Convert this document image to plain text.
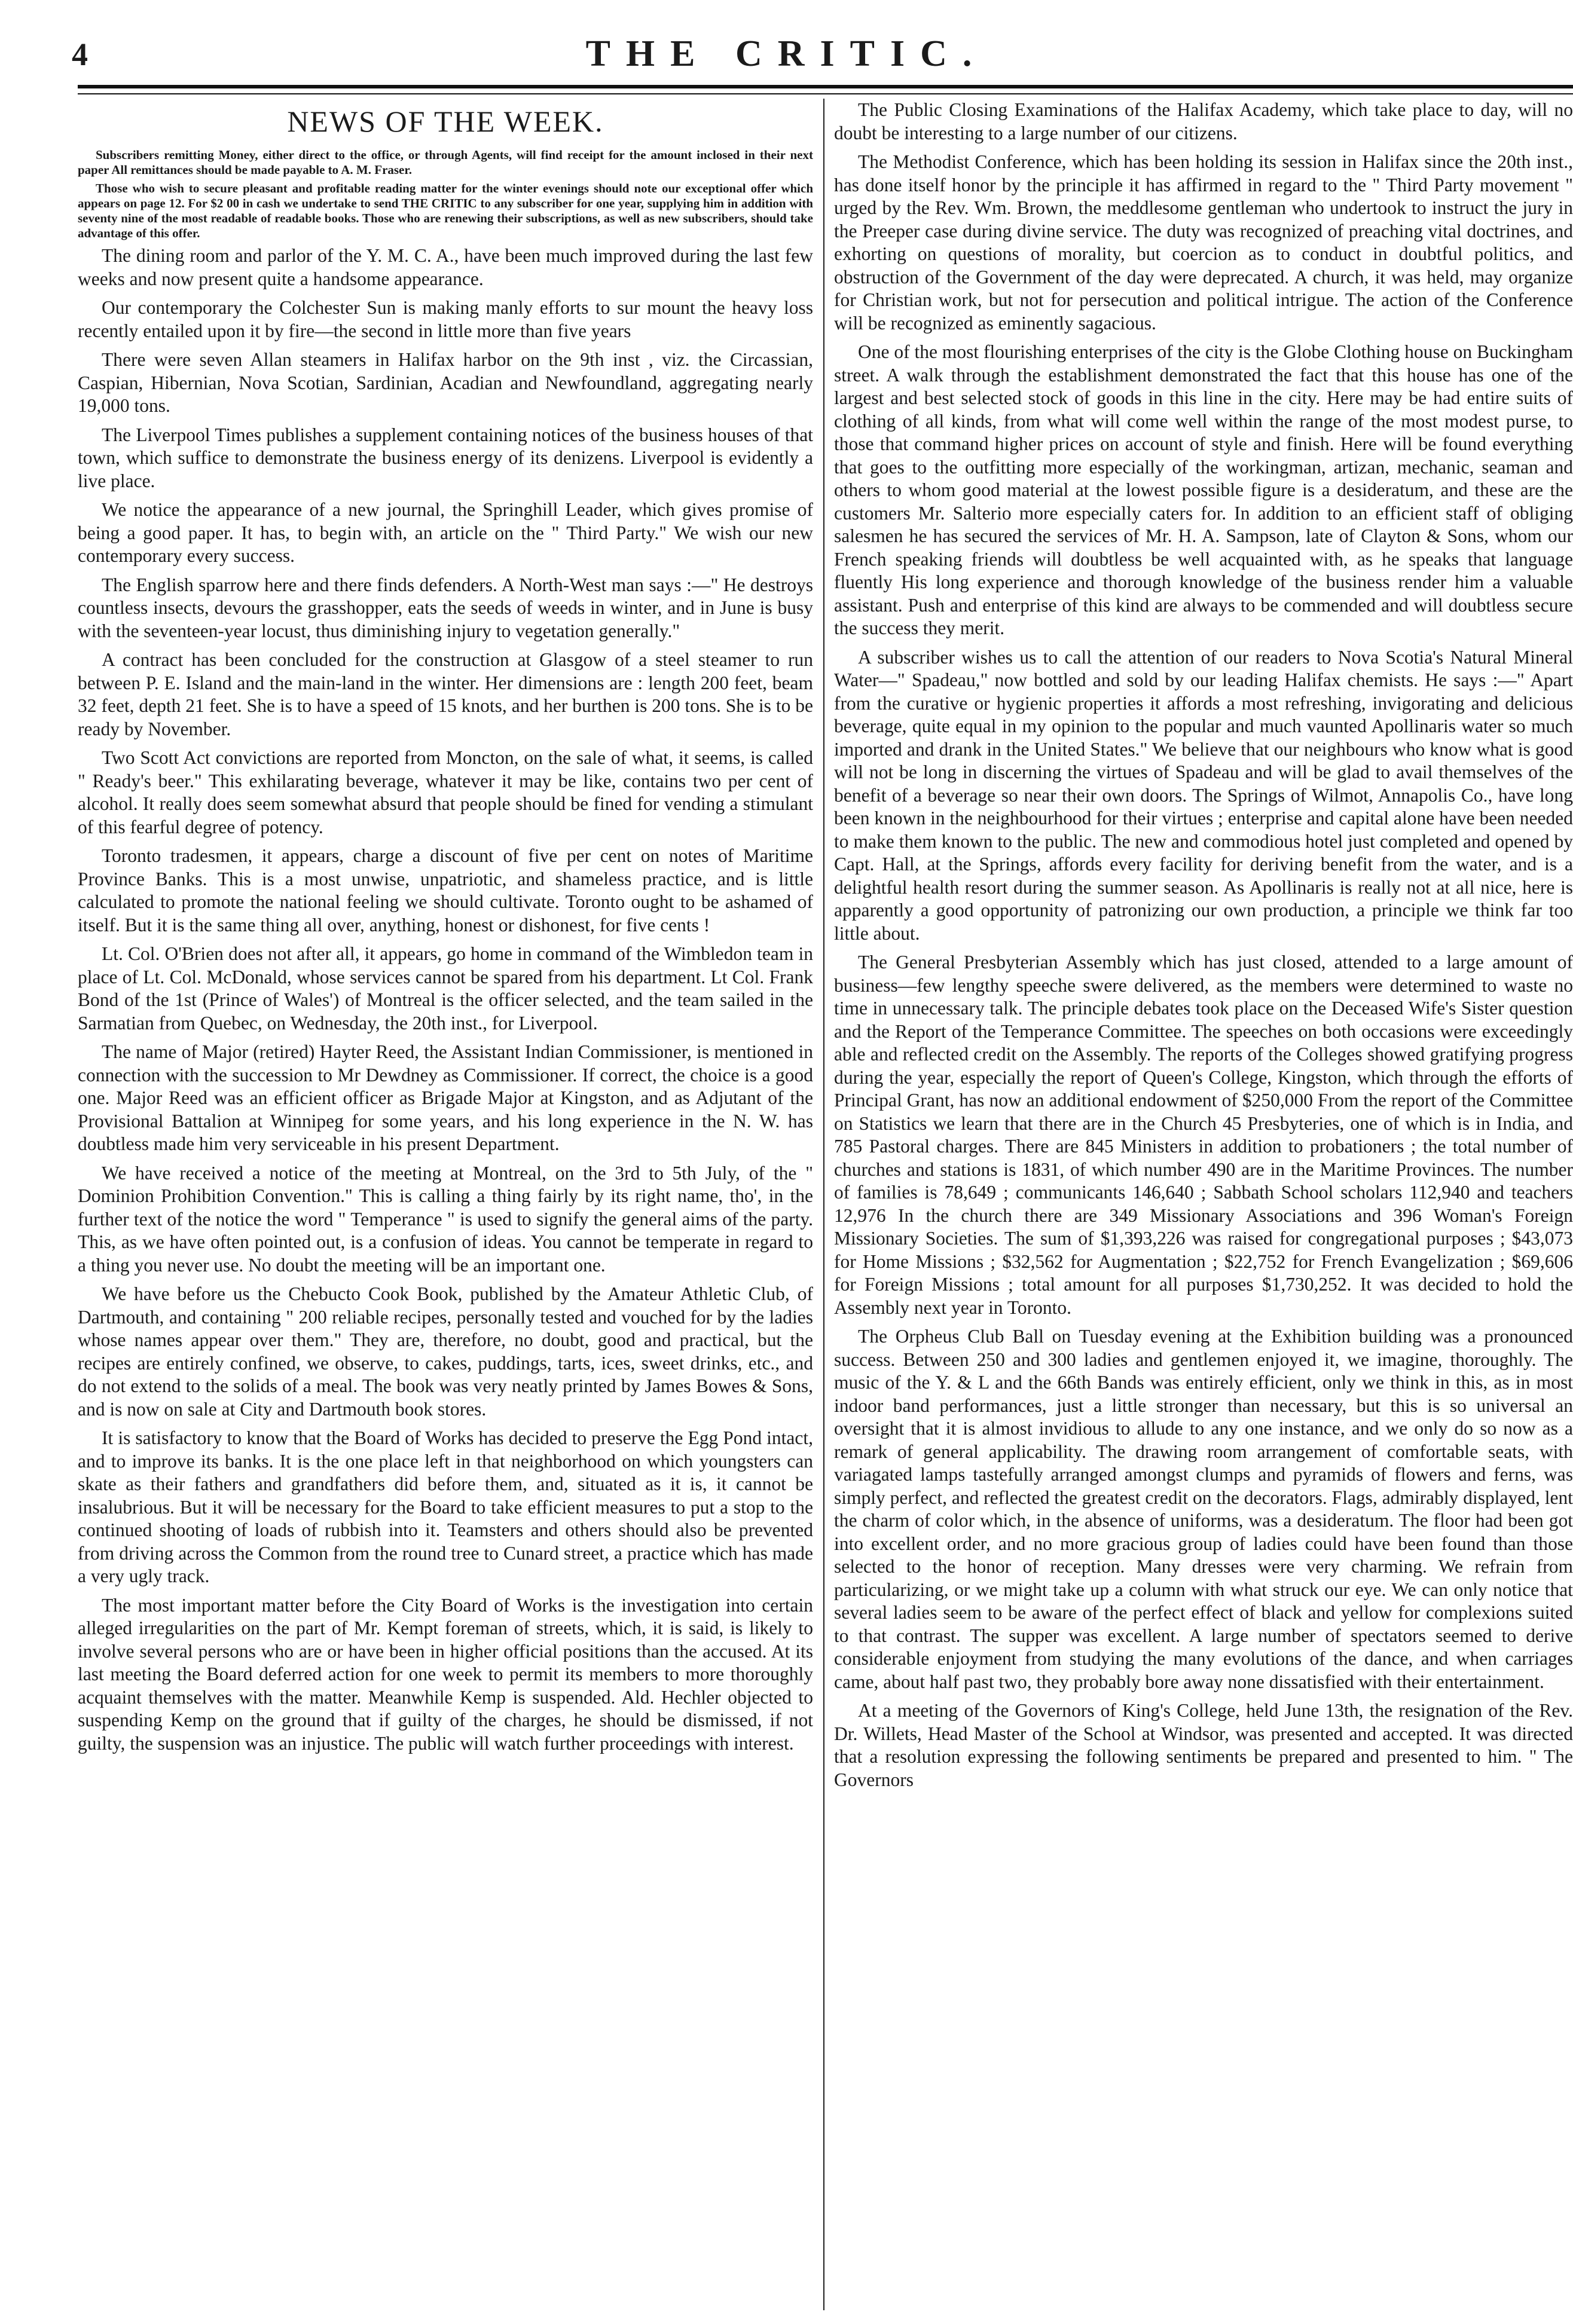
4	THE CRITIC.
NEWS OF THE WEEK.

Subscribers remitting Money, either direct to the office, or through Agents, will find receipt for the amount inclosed in their next paper All remittances should be made payable to A. M. Fraser.

Those who wish to secure pleasant and profitable reading matter for the winter evenings should note our exceptional offer which appears on page 12. For $2 00 in cash we undertake to send THE CRITIC to any subscriber for one year, supplying him in addition with seventy nine of the most readable of readable books. Those who are renewing their subscriptions, as well as new subscribers, should take advantage of this offer.

The dining room and parlor of the Y. M. C. A., have been much improved during the last few weeks and now present quite a handsome appearance.

Our contemporary the Colchester Sun is making manly efforts to sur mount the heavy loss recently entailed upon it by fire—the second in little more than five years

There were seven Allan steamers in Halifax harbor on the 9th inst , viz. the Circassian, Caspian, Hibernian, Nova Scotian, Sardinian, Acadian and Newfoundland, aggregating nearly 19,000 tons.

The Liverpool Times publishes a supplement containing notices of the business houses of that town, which suffice to demonstrate the business energy of its denizens. Liverpool is evidently a live place.

We notice the appearance of a new journal, the Springhill Leader, which gives promise of being a good paper. It has, to begin with, an article on the " Third Party." We wish our new contemporary every success.

The English sparrow here and there finds defenders. A North-West man says :—" He destroys countless insects, devours the grasshopper, eats the seeds of weeds in winter, and in June is busy with the seventeen-year locust, thus diminishing injury to vegetation generally."

A contract has been concluded for the construction at Glasgow of a steel steamer to run between P. E. Island and the main-land in the winter. Her dimensions are : length 200 feet, beam 32 feet, depth 21 feet. She is to have a speed of 15 knots, and her burthen is 200 tons. She is to be ready by November.

Two Scott Act convictions are reported from Moncton, on the sale of what, it seems, is called " Ready's beer." This exhilarating beverage, whatever it may be like, contains two per cent of alcohol. It really does seem somewhat absurd that people should be fined for vending a stimulant of this fearful degree of potency.

Toronto tradesmen, it appears, charge a discount of five per cent on notes of Maritime Province Banks. This is a most unwise, unpatriotic, and shameless practice, and is little calculated to promote the national feeling we should cultivate. Toronto ought to be ashamed of itself. But it is the same thing all over, anything, honest or dishonest, for five cents !

Lt. Col. O'Brien does not after all, it appears, go home in command of the Wimbledon team in place of Lt. Col. McDonald, whose services cannot be spared from his department. Lt Col. Frank Bond of the 1st (Prince of Wales') of Montreal is the officer selected, and the team sailed in the Sarmatian from Quebec, on Wednesday, the 20th inst., for Liverpool.

The name of Major (retired) Hayter Reed, the Assistant Indian Commissioner, is mentioned in connection with the succession to Mr Dewdney as Commissioner. If correct, the choice is a good one. Major Reed was an efficient officer as Brigade Major at Kingston, and as Adjutant of the Provisional Battalion at Winnipeg for some years, and his long experience in the N. W. has doubtless made him very serviceable in his present Department.

We have received a notice of the meeting at Montreal, on the 3rd to 5th July, of the " Dominion Prohibition Convention." This is calling a thing fairly by its right name, tho', in the further text of the notice the word " Temperance " is used to signify the general aims of the party. This, as we have often pointed out, is a confusion of ideas. You cannot be temperate in regard to a thing you never use. No doubt the meeting will be an important one.

We have before us the Chebucto Cook Book, published by the Amateur Athletic Club, of Dartmouth, and containing " 200 reliable recipes, personally tested and vouched for by the ladies whose names appear over them." They are, therefore, no doubt, good and practical, but the recipes are entirely confined, we observe, to cakes, puddings, tarts, ices, sweet drinks, etc., and do not extend to the solids of a meal. The book was very neatly printed by James Bowes & Sons, and is now on sale at City and Dartmouth book stores.

It is satisfactory to know that the Board of Works has decided to preserve the Egg Pond intact, and to improve its banks. It is the one place left in that neighborhood on which youngsters can skate as their fathers and grandfathers did before them, and, situated as it is, it cannot be insalubrious. But it will be necessary for the Board to take efficient measures to put a stop to the continued shooting of loads of rubbish into it. Teamsters and others should also be prevented from driving across the Common from the round tree to Cunard street, a practice which has made a very ugly track.

The most important matter before the City Board of Works is the investigation into certain alleged irregularities on the part of Mr. Kempt foreman of streets, which, it is said, is likely to involve several persons who are or have been in higher official positions than the accused. At its last meeting the Board deferred action for one week to permit its members to more thoroughly acquaint themselves with the matter. Meanwhile Kemp is suspended. Ald. Hechler objected to suspending Kemp on the ground that if guilty of the charges, he should be dismissed, if not guilty, the suspension was an injustice. The public will watch further proceedings with interest.

The Public Closing Examinations of the Halifax Academy, which take place to day, will no doubt be interesting to a large number of our citizens.

The Methodist Conference, which has been holding its session in Halifax since the 20th inst., has done itself honor by the principle it has affirmed in regard to the " Third Party movement " urged by the Rev. Wm. Brown, the meddlesome gentleman who undertook to instruct the jury in the Preeper case during divine service. The duty was recognized of preaching vital doctrines, and exhorting on questions of morality, but coercion as to conduct in doubtful politics, and obstruction of the Government of the day were deprecated. A church, it was held, may organize for Christian work, but not for persecution and political intrigue. The action of the Conference will be recognized as eminently sagacious.

One of the most flourishing enterprises of the city is the Globe Clothing house on Buckingham street. A walk through the establishment demonstrated the fact that this house has one of the largest and best selected stock of goods in this line in the city. Here may be had entire suits of clothing of all kinds, from what will come well within the range of the most modest purse, to those that command higher prices on account of style and finish. Here will be found everything that goes to the outfitting more especially of the workingman, artizan, mechanic, seaman and others to whom good material at the lowest possible figure is a desideratum, and these are the customers Mr. Salterio more especially caters for. In addition to an efficient staff of obliging salesmen he has secured the services of Mr. H. A. Sampson, late of Clayton & Sons, whom our French speaking friends will doubtless be well acquainted with, as he speaks that language fluently His long experience and thorough knowledge of the business render him a valuable assistant. Push and enterprise of this kind are always to be commended and will doubtless secure the success they merit.

A subscriber wishes us to call the attention of our readers to Nova Scotia's Natural Mineral Water—" Spadeau," now bottled and sold by our leading Halifax chemists. He says :—" Apart from the curative or hygienic properties it affords a most refreshing, invigorating and delicious beverage, quite equal in my opinion to the popular and much vaunted Apollinaris water so much imported and drank in the United States." We believe that our neighbours who know what is good will not be long in discerning the virtues of Spadeau and will be glad to avail themselves of the benefit of a beverage so near their own doors. The Springs of Wilmot, Annapolis Co., have long been known in the neighbourhood for their virtues ; enterprise and capital alone have been needed to make them known to the public. The new and commodious hotel just completed and opened by Capt. Hall, at the Springs, affords every facility for deriving benefit from the water, and is a delightful health resort during the summer season. As Apollinaris is really not at all nice, here is apparently a good opportunity of patronizing our own production, a principle we think far too little about.

The General Presbyterian Assembly which has just closed, attended to a large amount of business—few lengthy speeche swere delivered, as the members were determined to waste no time in unnecessary talk. The principle debates took place on the Deceased Wife's Sister question and the Report of the Temperance Committee. The speeches on both occasions were exceedingly able and reflected credit on the Assembly. The reports of the Colleges showed gratifying progress during the year, especially the report of Queen's College, Kingston, which through the efforts of Principal Grant, has now an additional endowment of $250,000 From the report of the Committee on Statistics we learn that there are in the Church 45 Presbyteries, one of which is in India, and 785 Pastoral charges. There are 845 Ministers in addition to probationers ; the total number of churches and stations is 1831, of which number 490 are in the Maritime Provinces. The number of families is 78,649 ; communicants 146,640 ; Sabbath School scholars 112,940 and teachers 12,976 In the church there are 349 Missionary Associations and 396 Woman's Foreign Missionary Societies. The sum of $1,393,226 was raised for congregational purposes ; $43,073 for Home Missions ; $32,562 for Augmentation ; $22,752 for French Evangelization ; $69,606 for Foreign Missions ; total amount for all purposes $1,730,252. It was decided to hold the Assembly next year in Toronto.

The Orpheus Club Ball on Tuesday evening at the Exhibition building was a pronounced success. Between 250 and 300 ladies and gentlemen enjoyed it, we imagine, thoroughly. The music of the Y. & L and the 66th Bands was entirely efficient, only we think in this, as in most indoor band performances, just a little stronger than necessary, but this is so universal an oversight that it is almost invidious to allude to any one instance, and we only do so now as a remark of general applicability. The drawing room arrangement of comfortable seats, with variagated lamps tastefully arranged amongst clumps and pyramids of flowers and ferns, was simply perfect, and reflected the greatest credit on the decorators. Flags, admirably displayed, lent the charm of color which, in the absence of uniforms, was a desideratum. The floor had been got into excellent order, and no more gracious group of ladies could have been found than those selected to the honor of reception. Many dresses were very charming. We refrain from particularizing, or we might take up a column with what struck our eye. We can only notice that several ladies seem to be aware of the perfect effect of black and yellow for complexions suited to that contrast. The supper was excellent. A large number of spectators seemed to derive considerable enjoyment from studying the many evolutions of the dance, and when carriages came, about half past two, they probably bore away none dissatisfied with their entertainment.

At a meeting of the Governors of King's College, held June 13th, the resignation of the Rev. Dr. Willets, Head Master of the School at Windsor, was presented and accepted. It was directed that a resolution expressing the following sentiments be prepared and presented to him. " The Governors
